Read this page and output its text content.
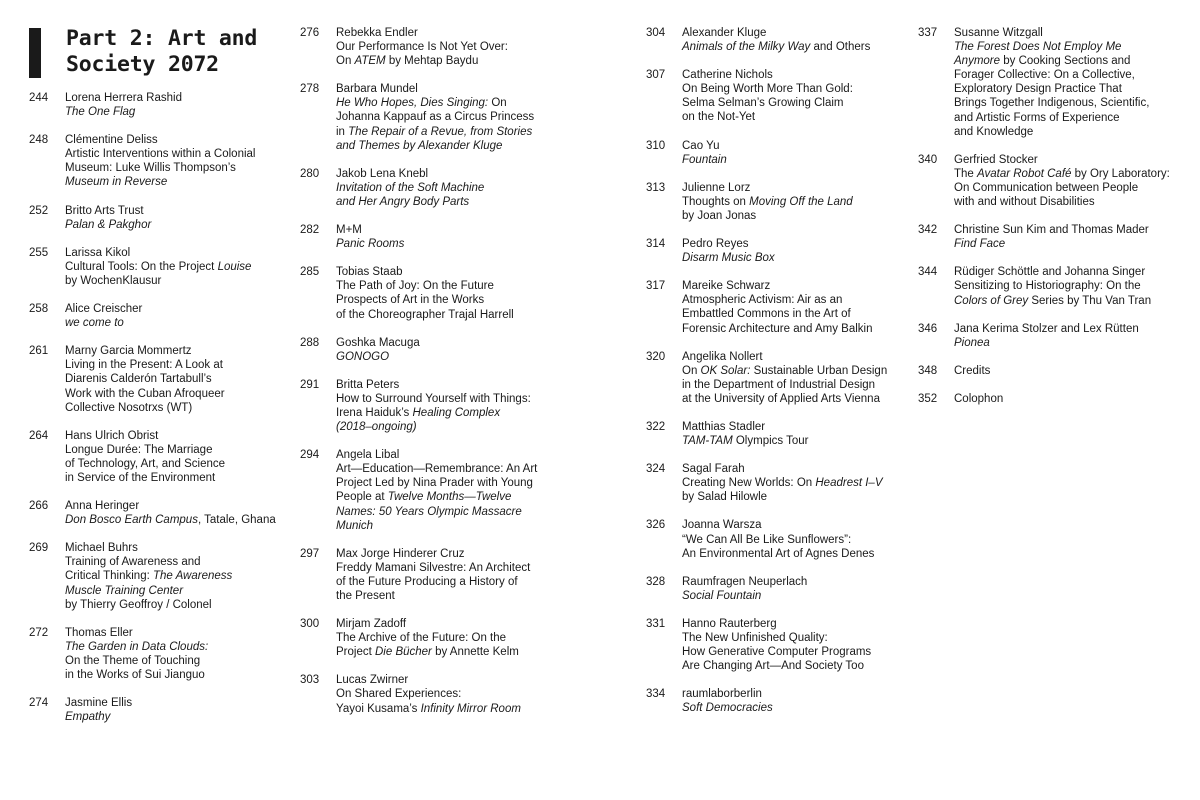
Part 2: Art and
Society 2072
244	Lorena Herrera Rashid
The One Flag
248	Clémentine Deliss
Artistic Interventions within a Colonial
Museum: Luke Willis Thompson’s
Museum in Reverse
252	Britto Arts Trust
Palan & Pakghor
255	Larissa Kikol
Cultural Tools: On the Project Louise
by WochenKlausur
258	Alice Creischer
we come to
261	Marny Garcia Mommertz
Living in the Present: A Look at
Diarenis Calderón Tartabull’s
Work with the Cuban Afroqueer
Collective Nosotrxs (WT)
264	Hans Ulrich Obrist
Longue Durée: The Marriage
of Technology, Art, and Science
in Service of the Environment
266	Anna Heringer
Don Bosco Earth Campus, Tatale, Ghana
269	Michael Buhrs
Training of Awareness and
Critical Thinking: The Awareness
Muscle Training Center
by Thierry Geoffroy / Colonel
272	Thomas Eller
The Garden in Data Clouds:
On the Theme of Touching
in the Works of Sui Jianguo
274	Jasmine Ellis
Empathy
276	Rebekka Endler
Our Performance Is Not Yet Over:
On ATEM by Mehtap Baydu
278	Barbara Mundel
He Who Hopes, Dies Singing: On
Johanna Kappauf as a Circus Princess
in The Repair of a Revue, from Stories
and Themes by Alexander Kluge
280	Jakob Lena Knebl
Invitation of the Soft Machine
and Her Angry Body Parts
282	M+M
Panic Rooms
285	Tobias Staab
The Path of Joy: On the Future
Prospects of Art in the Works
of the Choreographer Trajal Harrell
288	Goshka Macuga
GONOGO
291	Britta Peters
How to Surround Yourself with Things:
Irena Haiduk’s Healing Complex
(2018–ongoing)
294	Angela Libal
Art—Education—Remembrance: An Art
Project Led by Nina Prader with Young
People at Twelve Months—Twelve
Names: 50 Years Olympic Massacre
Munich
297	Max Jorge Hinderer Cruz
Freddy Mamani Silvestre: An Architect
of the Future Producing a History of
the Present
300	Mirjam Zadoff
The Archive of the Future: On the
Project Die Bücher by Annette Kelm
303	Lucas Zwirner
On Shared Experiences:
Yayoi Kusama’s Infinity Mirror Room
304	Alexander Kluge
Animals of the Milky Way and Others
307	Catherine Nichols
On Being Worth More Than Gold:
Selma Selman’s Growing Claim
on the Not-Yet
310	Cao Yu
Fountain
313	Julienne Lorz
Thoughts on Moving Off the Land
by Joan Jonas
314	Pedro Reyes
Disarm Music Box
317	Mareike Schwarz
Atmospheric Activism: Air as an
Embattled Commons in the Art of
Forensic Architecture and Amy Balkin
320	Angelika Nollert
On OK Solar: Sustainable Urban Design
in the Department of Industrial Design
at the University of Applied Arts Vienna
322	Matthias Stadler
TAM-TAM Olympics Tour
324	Sagal Farah
Creating New Worlds: On Headrest I–V
by Salad Hilowle
326	Joanna Warsza
“We Can All Be Like Sunflowers”:
An Environmental Art of Agnes Denes
328	Raumfragen Neuperlach
Social Fountain
331	Hanno Rauterberg
The New Unfinished Quality:
How Generative Computer Programs
Are Changing Art—And Society Too
334	raumlaborberlin
Soft Democracies
337	Susanne Witzgall
The Forest Does Not Employ Me
Anymore by Cooking Sections and
Forager Collective: On a Collective,
Exploratory Design Practice That
Brings Together Indigenous, Scientific,
and Artistic Forms of Experience
and Knowledge
340	Gerfried Stocker
The Avatar Robot Café by Ory Laboratory:
On Communication between People
with and without Disabilities
342	Christine Sun Kim and Thomas Mader
Find Face
344	Rüdiger Schöttle and Johanna Singer
Sensitizing to Historiography: On the
Colors of Grey Series by Thu Van Tran
346	Jana Kerima Stolzer and Lex Rütten
Pionea
348	Credits
352	Colophon
